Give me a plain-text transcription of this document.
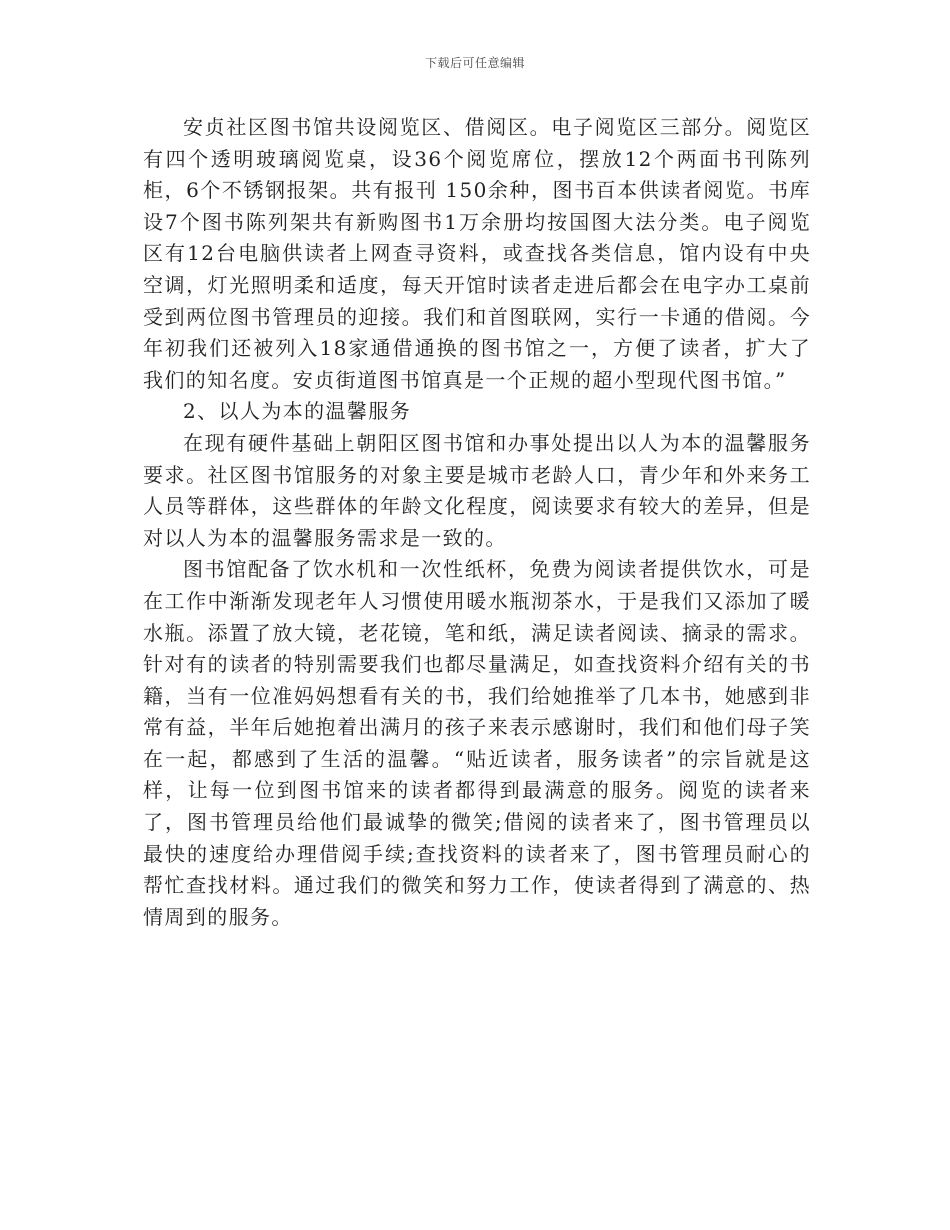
下载后可任意编辑

安贞社区图书馆共设阅览区、借阅区。电子阅览区三部分。阅览区有四个透明玻璃阅览桌，设36个阅览席位，摆放12个两面书刊陈列柜，6个不锈钢报架。共有报刊 150余种，图书百本供读者阅览。书库设7个图书陈列架共有新购图书1万余册均按国图大法分类。电子阅览区有12台电脑供读者上网查寻资料，或查找各类信息，馆内设有中央空调，灯光照明柔和适度，每天开馆时读者走进后都会在电字办工桌前受到两位图书管理员的迎接。我们和首图联网，实行一卡通的借阅。今年初我们还被列入18家通借通换的图书馆之一，方便了读者，扩大了我们的知名度。安贞街道图书馆真是一个正规的超小型现代图书馆。”

2、以人为本的温馨服务

在现有硬件基础上朝阳区图书馆和办事处提出以人为本的温馨服务要求。社区图书馆服务的对象主要是城市老龄人口，青少年和外来务工人员等群体，这些群体的年龄文化程度，阅读要求有较大的差异，但是对以人为本的温馨服务需求是一致的。

图书馆配备了饮水机和一次性纸杯，免费为阅读者提供饮水，可是在工作中渐渐发现老年人习惯使用暖水瓶沏茶水，于是我们又添加了暖水瓶。添置了放大镜，老花镜，笔和纸，满足读者阅读、摘录的需求。针对有的读者的特别需要我们也都尽量满足，如查找资料介绍有关的书籍，当有一位准妈妈想看有关的书，我们给她推举了几本书，她感到非常有益，半年后她抱着出满月的孩子来表示感谢时，我们和他们母子笑在一起，都感到了生活的温馨。“贴近读者，服务读者”的宗旨就是这样，让每一位到图书馆来的读者都得到最满意的服务。阅览的读者来了，图书管理员给他们最诚挚的微笑;借阅的读者来了，图书管理员以最快的速度给办理借阅手续;查找资料的读者来了，图书管理员耐心的帮忙查找材料。通过我们的微笑和努力工作，使读者得到了满意的、热情周到的服务。
